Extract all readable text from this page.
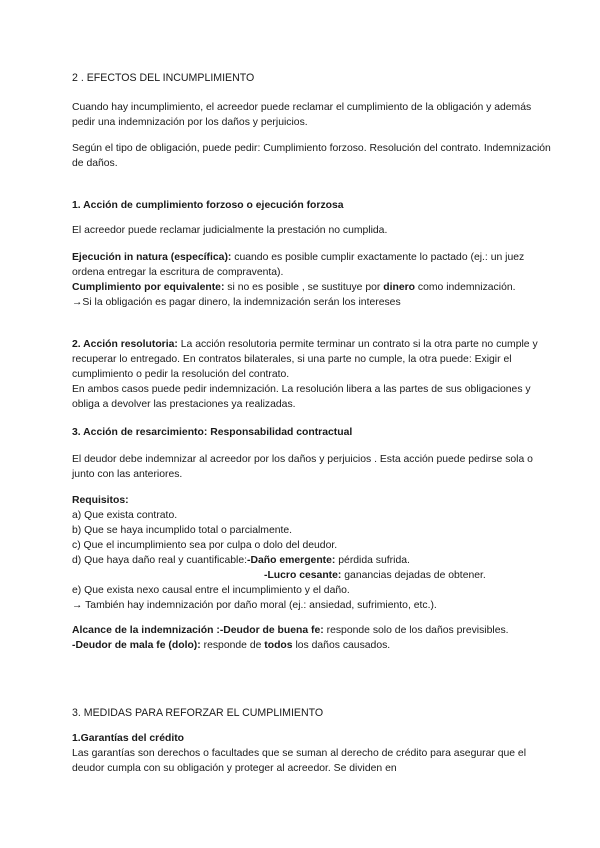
2 . EFECTOS DEL INCUMPLIMIENTO

Cuando hay incumplimiento, el acreedor puede reclamar el cumplimiento de la obligación y además pedir una indemnización por los daños y perjuicios.

Según el tipo de obligación, puede pedir: Cumplimiento forzoso. Resolución del contrato. Indemnización de daños.

1. Acción de cumplimiento forzoso o ejecución forzosa

El acreedor puede reclamar judicialmente la prestación no cumplida.

Ejecución in natura (específica): cuando es posible cumplir exactamente lo pactado (ej.: un juez ordena entregar la escritura de compraventa).
Cumplimiento por equivalente: si no es posible , se sustituye por dinero como indemnización.
→Si la obligación es pagar dinero, la indemnización serán los intereses

2. Acción resolutoria: La acción resolutoria permite terminar un contrato si la otra parte no cumple y recuperar lo entregado. En contratos bilaterales, si una parte no cumple, la otra puede: Exigir el cumplimiento o pedir la resolución del contrato.
En ambos casos puede pedir indemnización. La resolución libera a las partes de sus obligaciones y obliga a devolver las prestaciones ya realizadas.

3. Acción de resarcimiento: Responsabilidad contractual

El deudor debe indemnizar al acreedor por los daños y perjuicios . Esta acción puede pedirse sola o junto con las anteriores.

Requisitos:
a) Que exista contrato.
b) Que se haya incumplido total o parcialmente.
c) Que el incumplimiento sea por culpa o dolo del deudor.
d) Que haya daño real y cuantificable:-Daño emergente: pérdida sufrida.
-Lucro cesante: ganancias dejadas de obtener.
e) Que exista nexo causal entre el incumplimiento y el daño.
→ También hay indemnización por daño moral (ej.: ansiedad, sufrimiento, etc.).

Alcance de la indemnización :-Deudor de buena fe: responde solo de los daños previsibles.
-Deudor de mala fe (dolo): responde de todos los daños causados.

3. MEDIDAS PARA REFORZAR EL CUMPLIMIENTO

1.Garantías del crédito
Las garantías son derechos o facultades que se suman al derecho de crédito para asegurar que el deudor cumpla con su obligación y proteger al acreedor. Se dividen en
